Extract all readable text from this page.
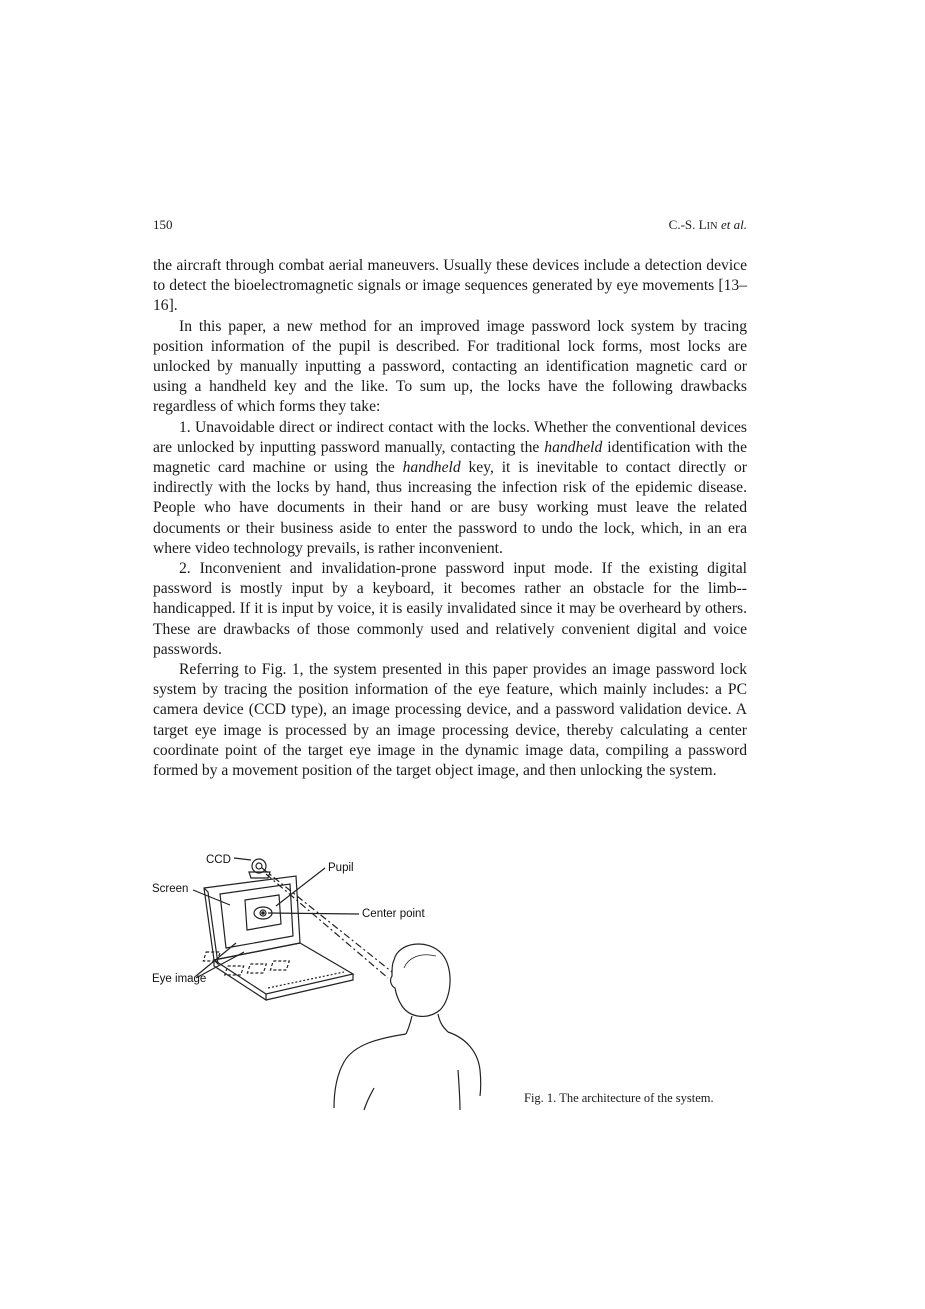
150	C.-S. LIN et al.

the aircraft through combat aerial maneuvers. Usually these devices include a detection device to detect the bioelectromagnetic signals or image sequences generated by eye movements [13–16].

In this paper, a new method for an improved image password lock system by tracing position information of the pupil is described. For traditional lock forms, most locks are unlocked by manually inputting a password, contacting an identification magnetic card or using a handheld key and the like. To sum up, the locks have the following drawbacks regardless of which forms they take:

1. Unavoidable direct or indirect contact with the locks. Whether the conventional devices are unlocked by inputting password manually, contacting the handheld identification with the magnetic card machine or using the handheld key, it is inevitable to contact directly or indirectly with the locks by hand, thus increasing the infection risk of the epidemic disease. People who have documents in their hand or are busy working must leave the related documents or their business aside to enter the password to undo the lock, which, in an era where video technology prevails, is rather inconvenient.

2. Inconvenient and invalidation-prone password input mode. If the existing digital password is mostly input by a keyboard, it becomes rather an obstacle for the limb--handicapped. If it is input by voice, it is easily invalidated since it may be overheard by others. These are drawbacks of those commonly used and relatively convenient digital and voice passwords.

Referring to Fig. 1, the system presented in this paper provides an image password lock system by tracing the position information of the eye feature, which mainly includes: a PC camera device (CCD type), an image processing device, and a password validation device. A target eye image is processed by an image processing device, thereby calculating a center coordinate point of the target eye image in the dynamic image data, compiling a password formed by a movement position of the target object image, and then unlocking the system.

CCD
Pupil
Screen
Center point
Eye image
Fig. 1. The architecture of the system.
